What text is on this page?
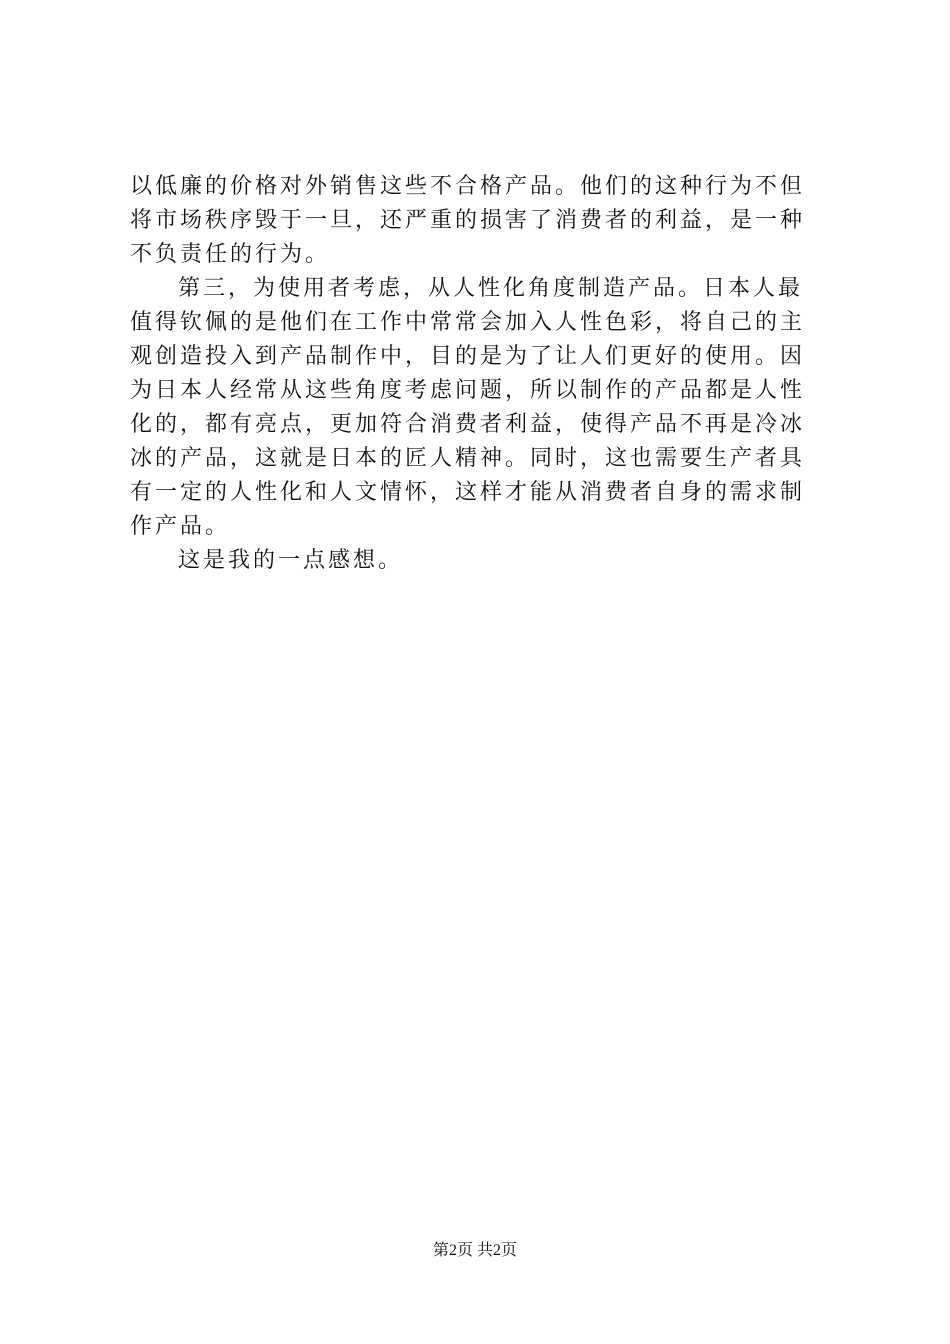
以低廉的价格对外销售这些不合格产品。他们的这种行为不但
将市场秩序毁于一旦，还严重的损害了消费者的利益，是一种
不负责任的行为。
第三，为使用者考虑，从人性化角度制造产品。日本人最
值得钦佩的是他们在工作中常常会加入人性色彩，将自己的主
观创造投入到产品制作中，目的是为了让人们更好的使用。因
为日本人经常从这些角度考虑问题，所以制作的产品都是人性
化的，都有亮点，更加符合消费者利益，使得产品不再是冷冰
冰的产品，这就是日本的匠人精神。同时，这也需要生产者具
有一定的人性化和人文情怀，这样才能从消费者自身的需求制
作产品。
这是我的一点感想。
第2页 共2页
